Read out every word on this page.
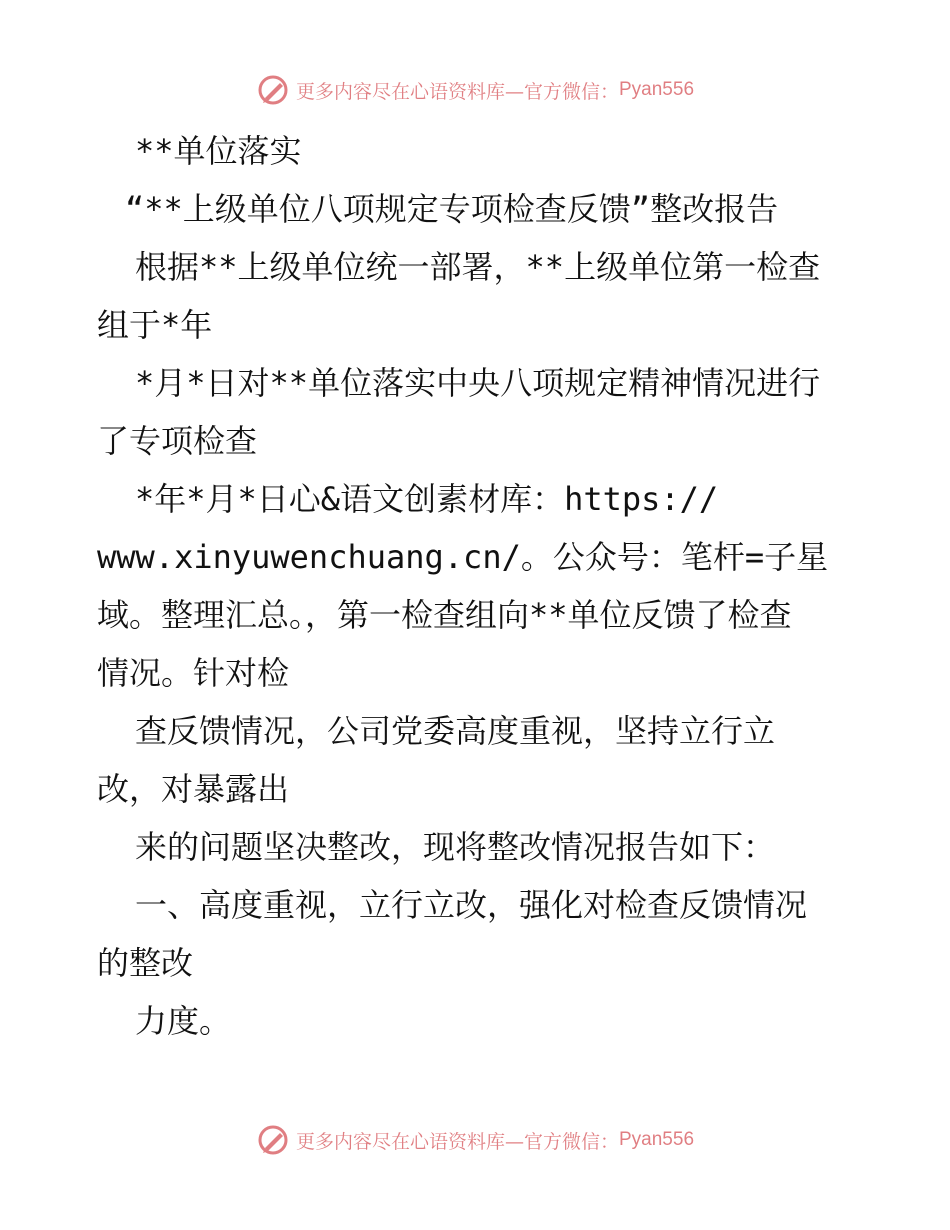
更多内容尽在心语资料库—官方微信： Pyan556
**单位落实
“**上级单位八项规定专项检查反馈”整改报告
根据**上级单位统一部署，**上级单位第一检查
组于*年
*月*日对**单位落实中央八项规定精神情况进行
了专项检查
*年*月*日心&语文创素材库：https://
www.xinyuwenchuang.cn/。公众号：笔杆=子星
域。整理汇总。，第一检查组向**单位反馈了检查
情况。针对检
查反馈情况，公司党委高度重视，坚持立行立
改，对暴露出
来的问题坚决整改，现将整改情况报告如下：
一、高度重视，立行立改，强化对检查反馈情况
的整改
力度。
更多内容尽在心语资料库—官方微信： Pyan556
